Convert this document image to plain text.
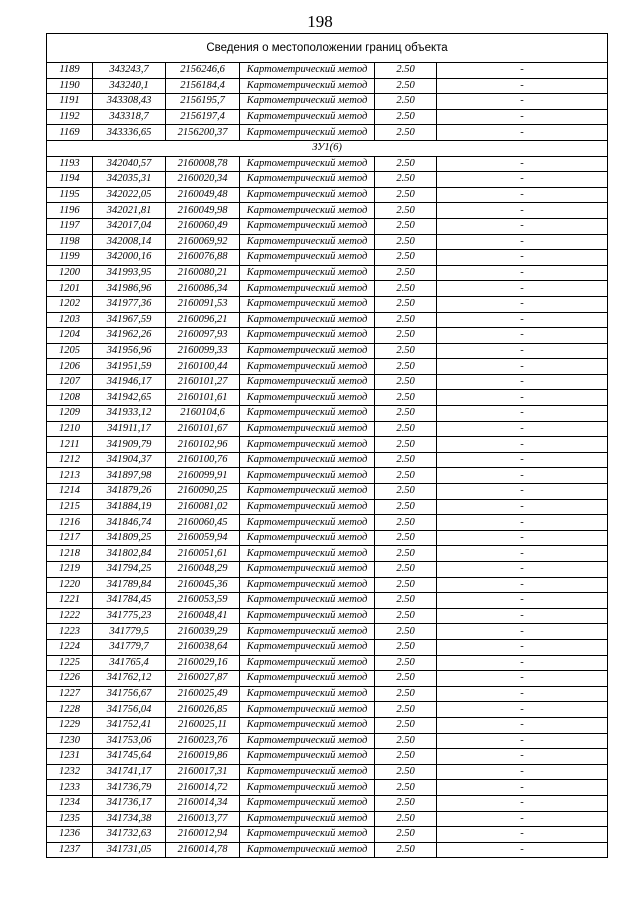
198
Сведения о местоположении границ объекта					
1189	343243,7	2156246,6	Картометрический метод	2.50	-
1190	343240,1	2156184,4	Картометрический метод	2.50	-
1191	343308,43	2156195,7	Картометрический метод	2.50	-
1192	343318,7	2156197,4	Картометрический метод	2.50	-
1169	343336,65	2156200,37	Картометрический метод	2.50	-
ЗУ1(6)					
1193	342040,57	2160008,78	Картометрический метод	2.50	-
1194	342035,31	2160020,34	Картометрический метод	2.50	-
1195	342022,05	2160049,48	Картометрический метод	2.50	-
1196	342021,81	2160049,98	Картометрический метод	2.50	-
1197	342017,04	2160060,49	Картометрический метод	2.50	-
1198	342008,14	2160069,92	Картометрический метод	2.50	-
1199	342000,16	2160076,88	Картометрический метод	2.50	-
1200	341993,95	2160080,21	Картометрический метод	2.50	-
1201	341986,96	2160086,34	Картометрический метод	2.50	-
1202	341977,36	2160091,53	Картометрический метод	2.50	-
1203	341967,59	2160096,21	Картометрический метод	2.50	-
1204	341962,26	2160097,93	Картометрический метод	2.50	-
1205	341956,96	2160099,33	Картометрический метод	2.50	-
1206	341951,59	2160100,44	Картометрический метод	2.50	-
1207	341946,17	2160101,27	Картометрический метод	2.50	-
1208	341942,65	2160101,61	Картометрический метод	2.50	-
1209	341933,12	2160104,6	Картометрический метод	2.50	-
1210	341911,17	2160101,67	Картометрический метод	2.50	-
1211	341909,79	2160102,96	Картометрический метод	2.50	-
1212	341904,37	2160100,76	Картометрический метод	2.50	-
1213	341897,98	2160099,91	Картометрический метод	2.50	-
1214	341879,26	2160090,25	Картометрический метод	2.50	-
1215	341884,19	2160081,02	Картометрический метод	2.50	-
1216	341846,74	2160060,45	Картометрический метод	2.50	-
1217	341809,25	2160059,94	Картометрический метод	2.50	-
1218	341802,84	2160051,61	Картометрический метод	2.50	-
1219	341794,25	2160048,29	Картометрический метод	2.50	-
1220	341789,84	2160045,36	Картометрический метод	2.50	-
1221	341784,45	2160053,59	Картометрический метод	2.50	-
1222	341775,23	2160048,41	Картометрический метод	2.50	-
1223	341779,5	2160039,29	Картометрический метод	2.50	-
1224	341779,7	2160038,64	Картометрический метод	2.50	-
1225	341765,4	2160029,16	Картометрический метод	2.50	-
1226	341762,12	2160027,87	Картометрический метод	2.50	-
1227	341756,67	2160025,49	Картометрический метод	2.50	-
1228	341756,04	2160026,85	Картометрический метод	2.50	-
1229	341752,41	2160025,11	Картометрический метод	2.50	-
1230	341753,06	2160023,76	Картометрический метод	2.50	-
1231	341745,64	2160019,86	Картометрический метод	2.50	-
1232	341741,17	2160017,31	Картометрический метод	2.50	-
1233	341736,79	2160014,72	Картометрический метод	2.50	-
1234	341736,17	2160014,34	Картометрический метод	2.50	-
1235	341734,38	2160013,77	Картометрический метод	2.50	-
1236	341732,63	2160012,94	Картометрический метод	2.50	-
1237	341731,05	2160014,78	Картометрический метод	2.50	-
